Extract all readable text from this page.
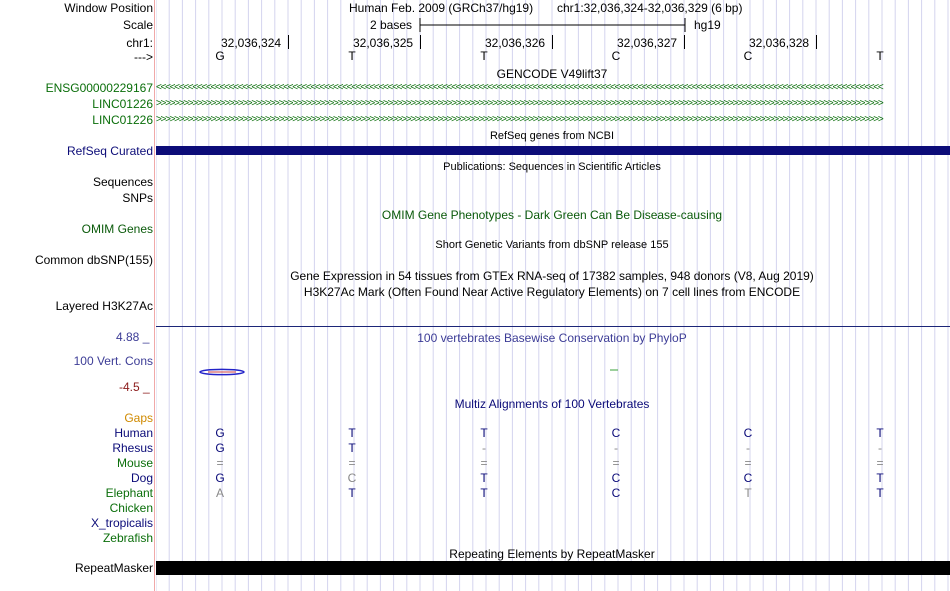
Window Position	Human Feb. 2009 (GRCh37/hg19) chr1:32,036,324-32,036,329 (6 bp)
Scale	2 bases	hg19
chr1:	32,036,324	32,036,325	32,036,326	32,036,327	32,036,328
--->	G	T	T	C	C	T
GENCODE V49lift37
ENSG00000229167 <<<<<<<<<<<<<<<<<<<<<<<<<<<<<<<<<<<<<<<<<<<<<<<<<<<<<<<<<<<<<<<<<<<<<<<<<<<<<<<<<<<<<<<<<<<<<<<<<<<<<<<<<<<<<<<<<<<<<<<<<<<<<<<<<<<<<<<<<<<<<<<<<<<<<<<<<<<<<<<<
LINC01226 >>>>>>>>>>>>>>>>>>>>>>>>>>>>>>>>>>>>>>>>>>>>>>>>>>>>>>>>>>>>>>>>>>>>>>>>>>>>>>>>>>>>>>>>>>>>>>>>>>>>>>>>>>>>>>>>>>>>>>>>>>>>>>>>>>>>>>>>>>>>>>>>>>>>>>>>>>>>>>>>
LINC01226 >>>>>>>>>>>>>>>>>>>>>>>>>>>>>>>>>>>>>>>>>>>>>>>>>>>>>>>>>>>>>>>>>>>>>>>>>>>>>>>>>>>>>>>>>>>>>>>>>>>>>>>>>>>>>>>>>>>>>>>>>>>>>>>>>>>>>>>>>>>>>>>>>>>>>>>>>>>>>>>>
RefSeq genes from NCBI
RefSeq Curated
Publications: Sequences in Scientific Articles
Sequences
SNPs
OMIM Gene Phenotypes - Dark Green Can Be Disease-causing
OMIM Genes
Short Genetic Variants from dbSNP release 155
Common dbSNP(155)
Gene Expression in 54 tissues from GTEx RNA-seq of 17382 samples, 948 donors (V8, Aug 2019)
H3K27Ac Mark (Often Found Near Active Regulatory Elements) on 7 cell lines from ENCODE
Layered H3K27Ac
4.88 _	100 vertebrates Basewise Conservation by PhyloP
100 Vert. Cons
-4.5 _
Multiz Alignments of 100 Vertebrates
Gaps
Human	G	T	T	C	C	T
Rhesus	G	T	-	-	-	-
Mouse	=	=	=	=	=	=
Dog	G	C	T	C	C	T
Elephant	A	T	T	C	T	T
Chicken
X_tropicalis
Zebrafish
Repeating Elements by RepeatMasker
RepeatMasker
